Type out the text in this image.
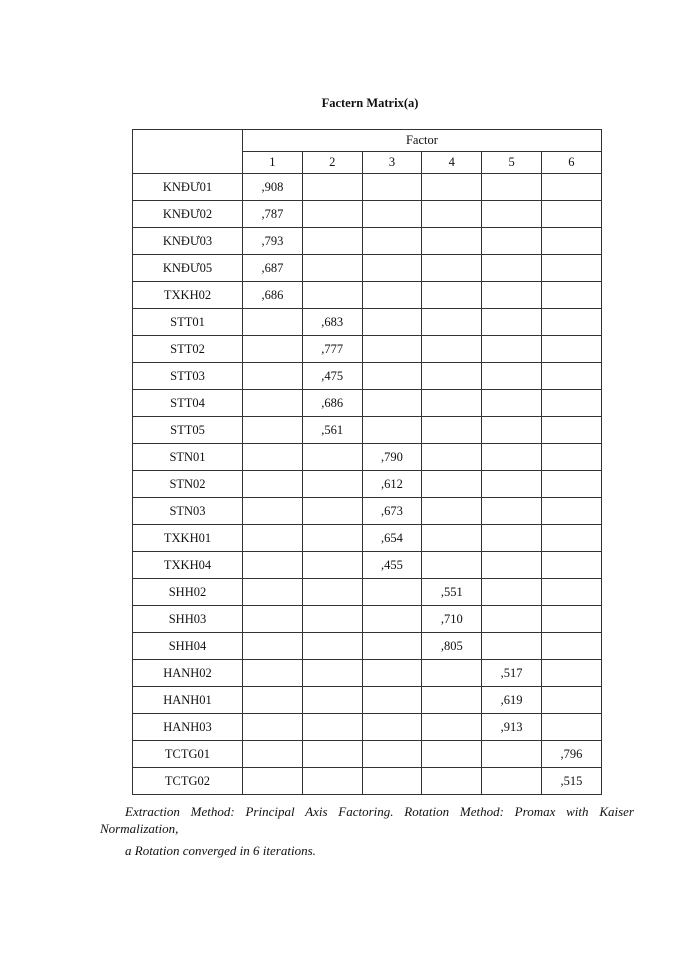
Factern Matrix(a)
	Factor					
	1	2	3	4	5	6
KNĐƯ01	,908					
KNĐƯ02	,787					
KNĐƯ03	,793					
KNĐƯ05	,687					
TXKH02	,686					
STT01		,683				
STT02		,777				
STT03		,475				
STT04		,686				
STT05		,561				
STN01			,790			
STN02			,612			
STN03			,673			
TXKH01			,654			
TXKH04			,455			
SHH02				,551		
SHH03				,710		
SHH04				,805		
HANH02					,517	
HANH01					,619	
HANH03					,913	
TCTG01						,796
TCTG02						,515
Extraction Method: Principal Axis Factoring. Rotation Method: Promax with Kaiser Normalization,
a Rotation converged in 6 iterations.
